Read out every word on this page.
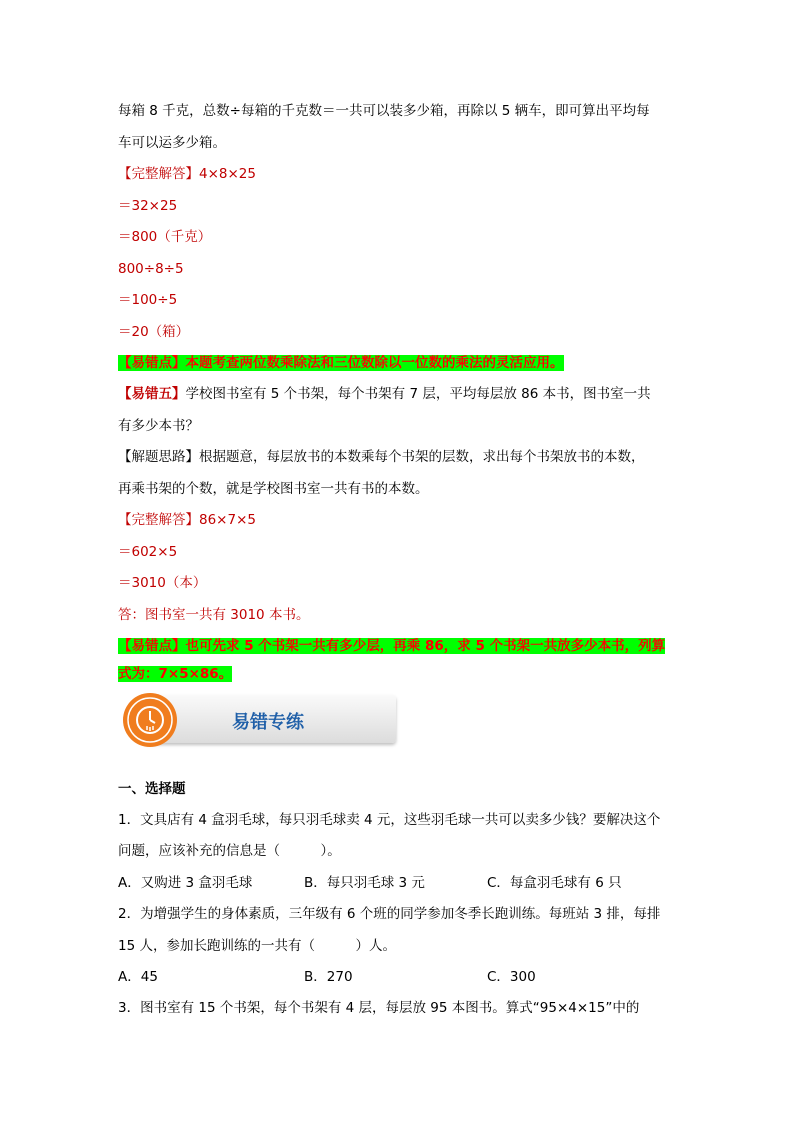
每箱 8 千克，总数÷每箱的千克数＝一共可以装多少箱，再除以 5 辆车，即可算出平均每
车可以运多少箱。
【完整解答】4×8×25
＝32×25
＝800（千克）
800÷8÷5
＝100÷5
＝20（箱）
【易错点】本题考查两位数乘除法和三位数除以一位数的乘法的灵活应用。
【易错五】学校图书室有 5 个书架，每个书架有 7 层，平均每层放 86 本书，图书室一共
有多少本书？
【解题思路】根据题意，每层放书的本数乘每个书架的层数，求出每个书架放书的本数，
再乘书架的个数，就是学校图书室一共有书的本数。
【完整解答】86×7×5
＝602×5
＝3010（本）
答：图书室一共有 3010 本书。
【易错点】也可先求 5 个书架一共有多少层，再乘 86，求 5 个书架一共放多少本书，列算
式为：7×5×86。
易错专练
一、选择题
1．文具店有 4 盒羽毛球，每只羽毛球卖 4 元，这些羽毛球一共可以卖多少钱？要解决这个
问题，应该补充的信息是（　　　）。
A．又购进 3 盒羽毛球	B．每只羽毛球 3 元	C．每盒羽毛球有 6 只
2．为增强学生的身体素质，三年级有 6 个班的同学参加冬季长跑训练。每班站 3 排，每排
15 人，参加长跑训练的一共有（　　　）人。
A．45	B．270	C．300
3．图书室有 15 个书架，每个书架有 4 层，每层放 95 本图书。算式“95×4×15”中的
